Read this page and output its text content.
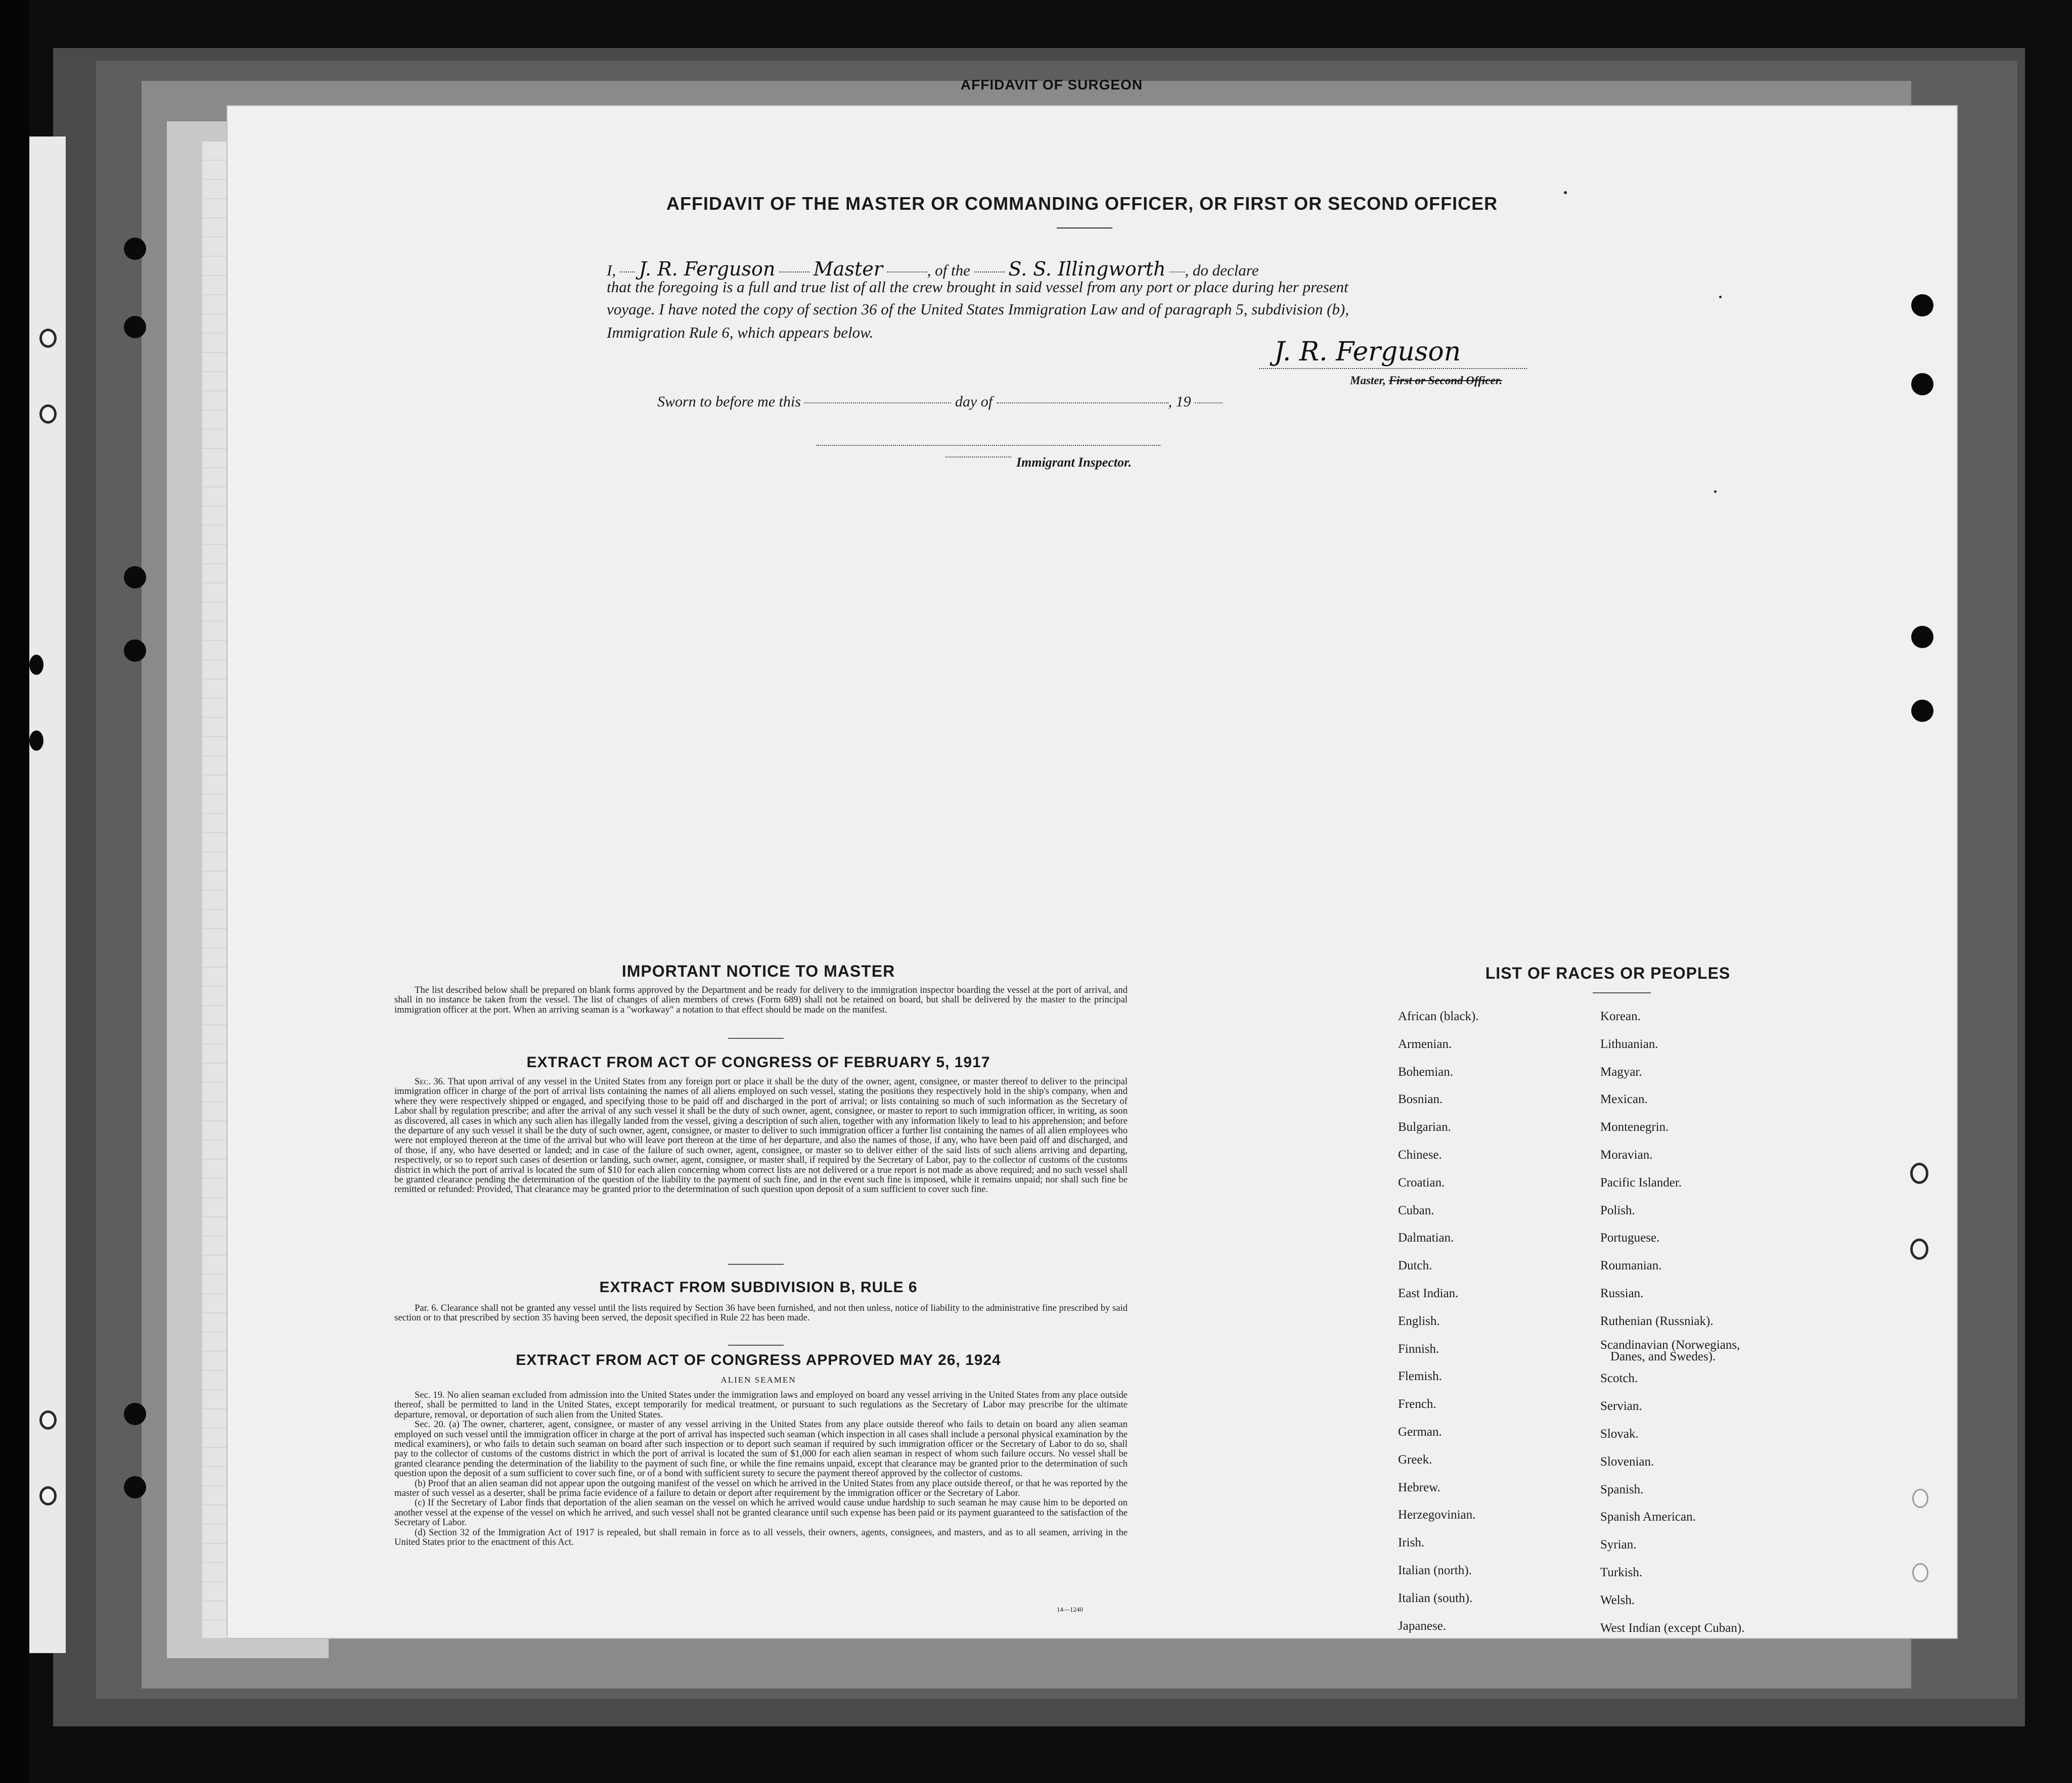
AFFIDAVIT OF SURGEON
AFFIDAVIT OF THE MASTER OR COMMANDING OFFICER, OR FIRST OR SECOND OFFICER
I, J. R. Ferguson Master	, of the S. S. Illingworth , do declare
that the foregoing is a full and true list of all the crew brought in said vessel from any port or place during her present
voyage. I have noted the copy of section 36 of the United States Immigration Law and of paragraph 5, subdivision (b),
Immigration Rule 6, which appears below.
J. R. Ferguson
Master, First or Second Officer.
Sworn to before me this	day of	, 19
Immigrant Inspector.
IMPORTANT NOTICE TO MASTER
The list described below shall be prepared on blank forms approved by the Department and be ready for delivery to the immigration inspector boarding the vessel at the port of arrival, and shall in no instance be taken from the vessel. The list of changes of alien members of crews (Form 689) shall not be retained on board, but shall be delivered by the master to the principal immigration officer at the port. When an arriving seaman is a "workaway" a notation to that effect should be made on the manifest.
EXTRACT FROM ACT OF CONGRESS OF FEBRUARY 5, 1917
Sec. 36. That upon arrival of any vessel in the United States from any foreign port or place it shall be the duty of the owner, agent, consignee, or master thereof to deliver to the principal immigration officer in charge of the port of arrival lists containing the names of all aliens employed on such vessel, stating the positions they respectively hold in the ship's company, when and where they were respectively shipped or engaged, and specifying those to be paid off and discharged in the port of arrival; or lists containing so much of such information as the Secretary of Labor shall by regulation prescribe; and after the arrival of any such vessel it shall be the duty of such owner, agent, consignee, or master to report to such immigration officer, in writing, as soon as discovered, all cases in which any such alien has illegally landed from the vessel, giving a description of such alien, together with any information likely to lead to his apprehension; and before the departure of any such vessel it shall be the duty of such owner, agent, consignee, or master to deliver to such immigration officer a further list containing the names of all alien employees who were not employed thereon at the time of the arrival but who will leave port thereon at the time of her departure, and also the names of those, if any, who have been paid off and discharged, and of those, if any, who have deserted or landed; and in case of the failure of such owner, agent, consignee, or master so to deliver either of the said lists of such aliens arriving and departing, respectively, or so to report such cases of desertion or landing, such owner, agent, consignee, or master shall, if required by the Secretary of Labor, pay to the collector of customs of the customs district in which the port of arrival is located the sum of $10 for each alien concerning whom correct lists are not delivered or a true report is not made as above required; and no such vessel shall be granted clearance pending the determination of the question of the liability to the payment of such fine, and in the event such fine is imposed, while it remains unpaid; nor shall such fine be remitted or refunded: Provided, That clearance may be granted prior to the determination of such question upon deposit of a sum sufficient to cover such fine.
EXTRACT FROM SUBDIVISION B, RULE 6
Par. 6. Clearance shall not be granted any vessel until the lists required by Section 36 have been furnished, and not then unless, notice of liability to the administrative fine prescribed by said section or to that prescribed by section 35 having been served, the deposit specified in Rule 22 has been made.
EXTRACT FROM ACT OF CONGRESS APPROVED MAY 26, 1924
ALIEN SEAMEN
Sec. 19. No alien seaman excluded from admission into the United States under the immigration laws and employed on board any vessel arriving in the United States from any place outside thereof, shall be permitted to land in the United States, except temporarily for medical treatment, or pursuant to such regulations as the Secretary of Labor may prescribe for the ultimate departure, removal, or deportation of such alien from the United States.
Sec. 20. (a) The owner, charterer, agent, consignee, or master of any vessel arriving in the United States from any place outside thereof who fails to detain on board any alien seaman employed on such vessel until the immigration officer in charge at the port of arrival has inspected such seaman (which inspection in all cases shall include a personal physical examination by the medical examiners), or who fails to detain such seaman on board after such inspection or to deport such seaman if required by such immigration officer or the Secretary of Labor to do so, shall pay to the collector of customs of the customs district in which the port of arrival is located the sum of $1,000 for each alien seaman in respect of whom such failure occurs. No vessel shall be granted clearance pending the determination of the liability to the payment of such fine, or while the fine remains unpaid, except that clearance may be granted prior to the determination of such question upon the deposit of a sum sufficient to cover such fine, or of a bond with sufficient surety to secure the payment thereof approved by the collector of customs.
(b) Proof that an alien seaman did not appear upon the outgoing manifest of the vessel on which he arrived in the United States from any place outside thereof, or that he was reported by the master of such vessel as a deserter, shall be prima facie evidence of a failure to detain or deport after requirement by the immigration officer or the Secretary of Labor.
(c) If the Secretary of Labor finds that deportation of the alien seaman on the vessel on which he arrived would cause undue hardship to such seaman he may cause him to be deported on another vessel at the expense of the vessel on which he arrived, and such vessel shall not be granted clearance until such expense has been paid or its payment guaranteed to the satisfaction of the Secretary of Labor.
(d) Section 32 of the Immigration Act of 1917 is repealed, but shall remain in force as to all vessels, their owners, agents, consignees, and masters, and as to all seamen, arriving in the United States prior to the enactment of this Act.
14—1240
LIST OF RACES OR PEOPLES
African (black).
Armenian.
Bohemian.
Bosnian.
Bulgarian.
Chinese.
Croatian.
Cuban.
Dalmatian.
Dutch.
East Indian.
English.
Finnish.
Flemish.
French.
German.
Greek.
Hebrew.
Herzegovinian.
Irish.
Italian (north).
Italian (south).
Japanese.
Korean.
Lithuanian.
Magyar.
Mexican.
Montenegrin.
Moravian.
Pacific Islander.
Polish.
Portuguese.
Roumanian.
Russian.
Ruthenian (Russniak).
Scandinavian (Norwegians,
Scotch.
Servian.
Slovak.
Slovenian.
Spanish.
Spanish American.
Syrian.
Turkish.
Welsh.
West Indian (except Cuban).
Danes, and Swedes).
